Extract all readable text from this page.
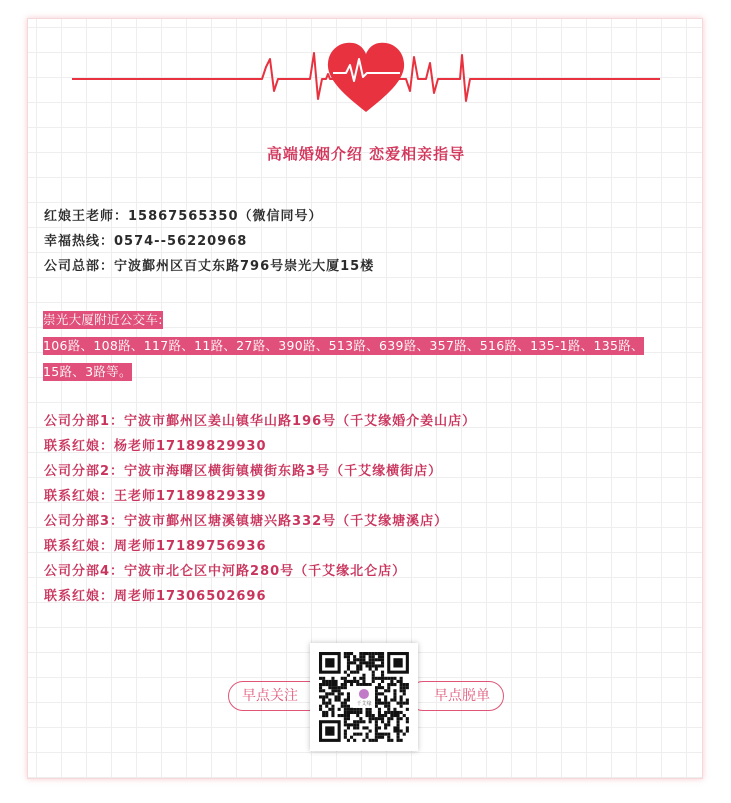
高端婚姻介绍 恋爱相亲指导
红娘王老师：15867565350（微信同号）
幸福热线：0574--56220968
公司总部：宁波鄞州区百丈东路796号崇光大厦15楼
崇光大厦附近公交车:
106路、108路、117路、11路、27路、390路、513路、639路、357路、516路、135-1路、135路、
15路、3路等。
公司分部1：宁波市鄞州区姜山镇华山路196号（千艾缘婚介姜山店）
联系红娘：杨老师17189829930
公司分部2：宁波市海曙区横街镇横街东路3号（千艾缘横街店）
联系红娘：王老师17189829339
公司分部3：宁波市鄞州区塘溪镇塘兴路332号（千艾缘塘溪店）
联系红娘：周老师17189756936
公司分部4：宁波市北仑区中河路280号（千艾缘北仑店）
联系红娘：周老师17306502696
早点关注	早点脱单
千艾缘
